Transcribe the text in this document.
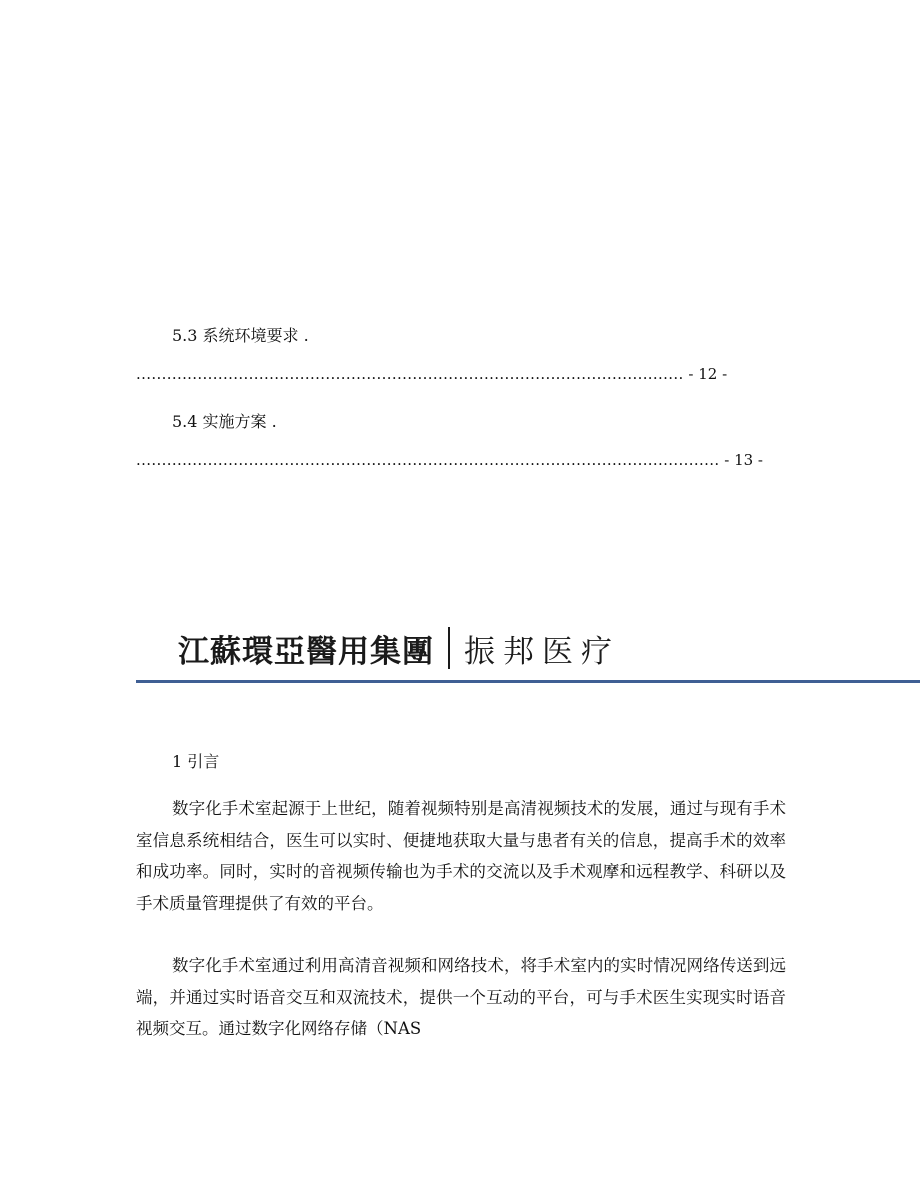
5.3 系统环境要求 .
........................................................................................................... - 12 -
5.4 实施方案 .
.................................................................................................................. - 13 -
江蘇環亞醫用集團 振邦医疗
1 引言

数字化手术室起源于上世纪，随着视频特别是高清视频技术的发展，通过与现有手术室信息系统相结合，医生可以实时、便捷地获取大量与患者有关的信息，提高手术的效率和成功率。同时，实时的音视频传输也为手术的交流以及手术观摩和远程教学、科研以及手术质量管理提供了有效的平台。

数字化手术室通过利用高清音视频和网络技术，将手术室内的实时情况网络传送到远端，并通过实时语音交互和双流技术，提供一个互动的平台，可与手术医生实现实时语音视频交互。通过数字化网络存储（NAS
